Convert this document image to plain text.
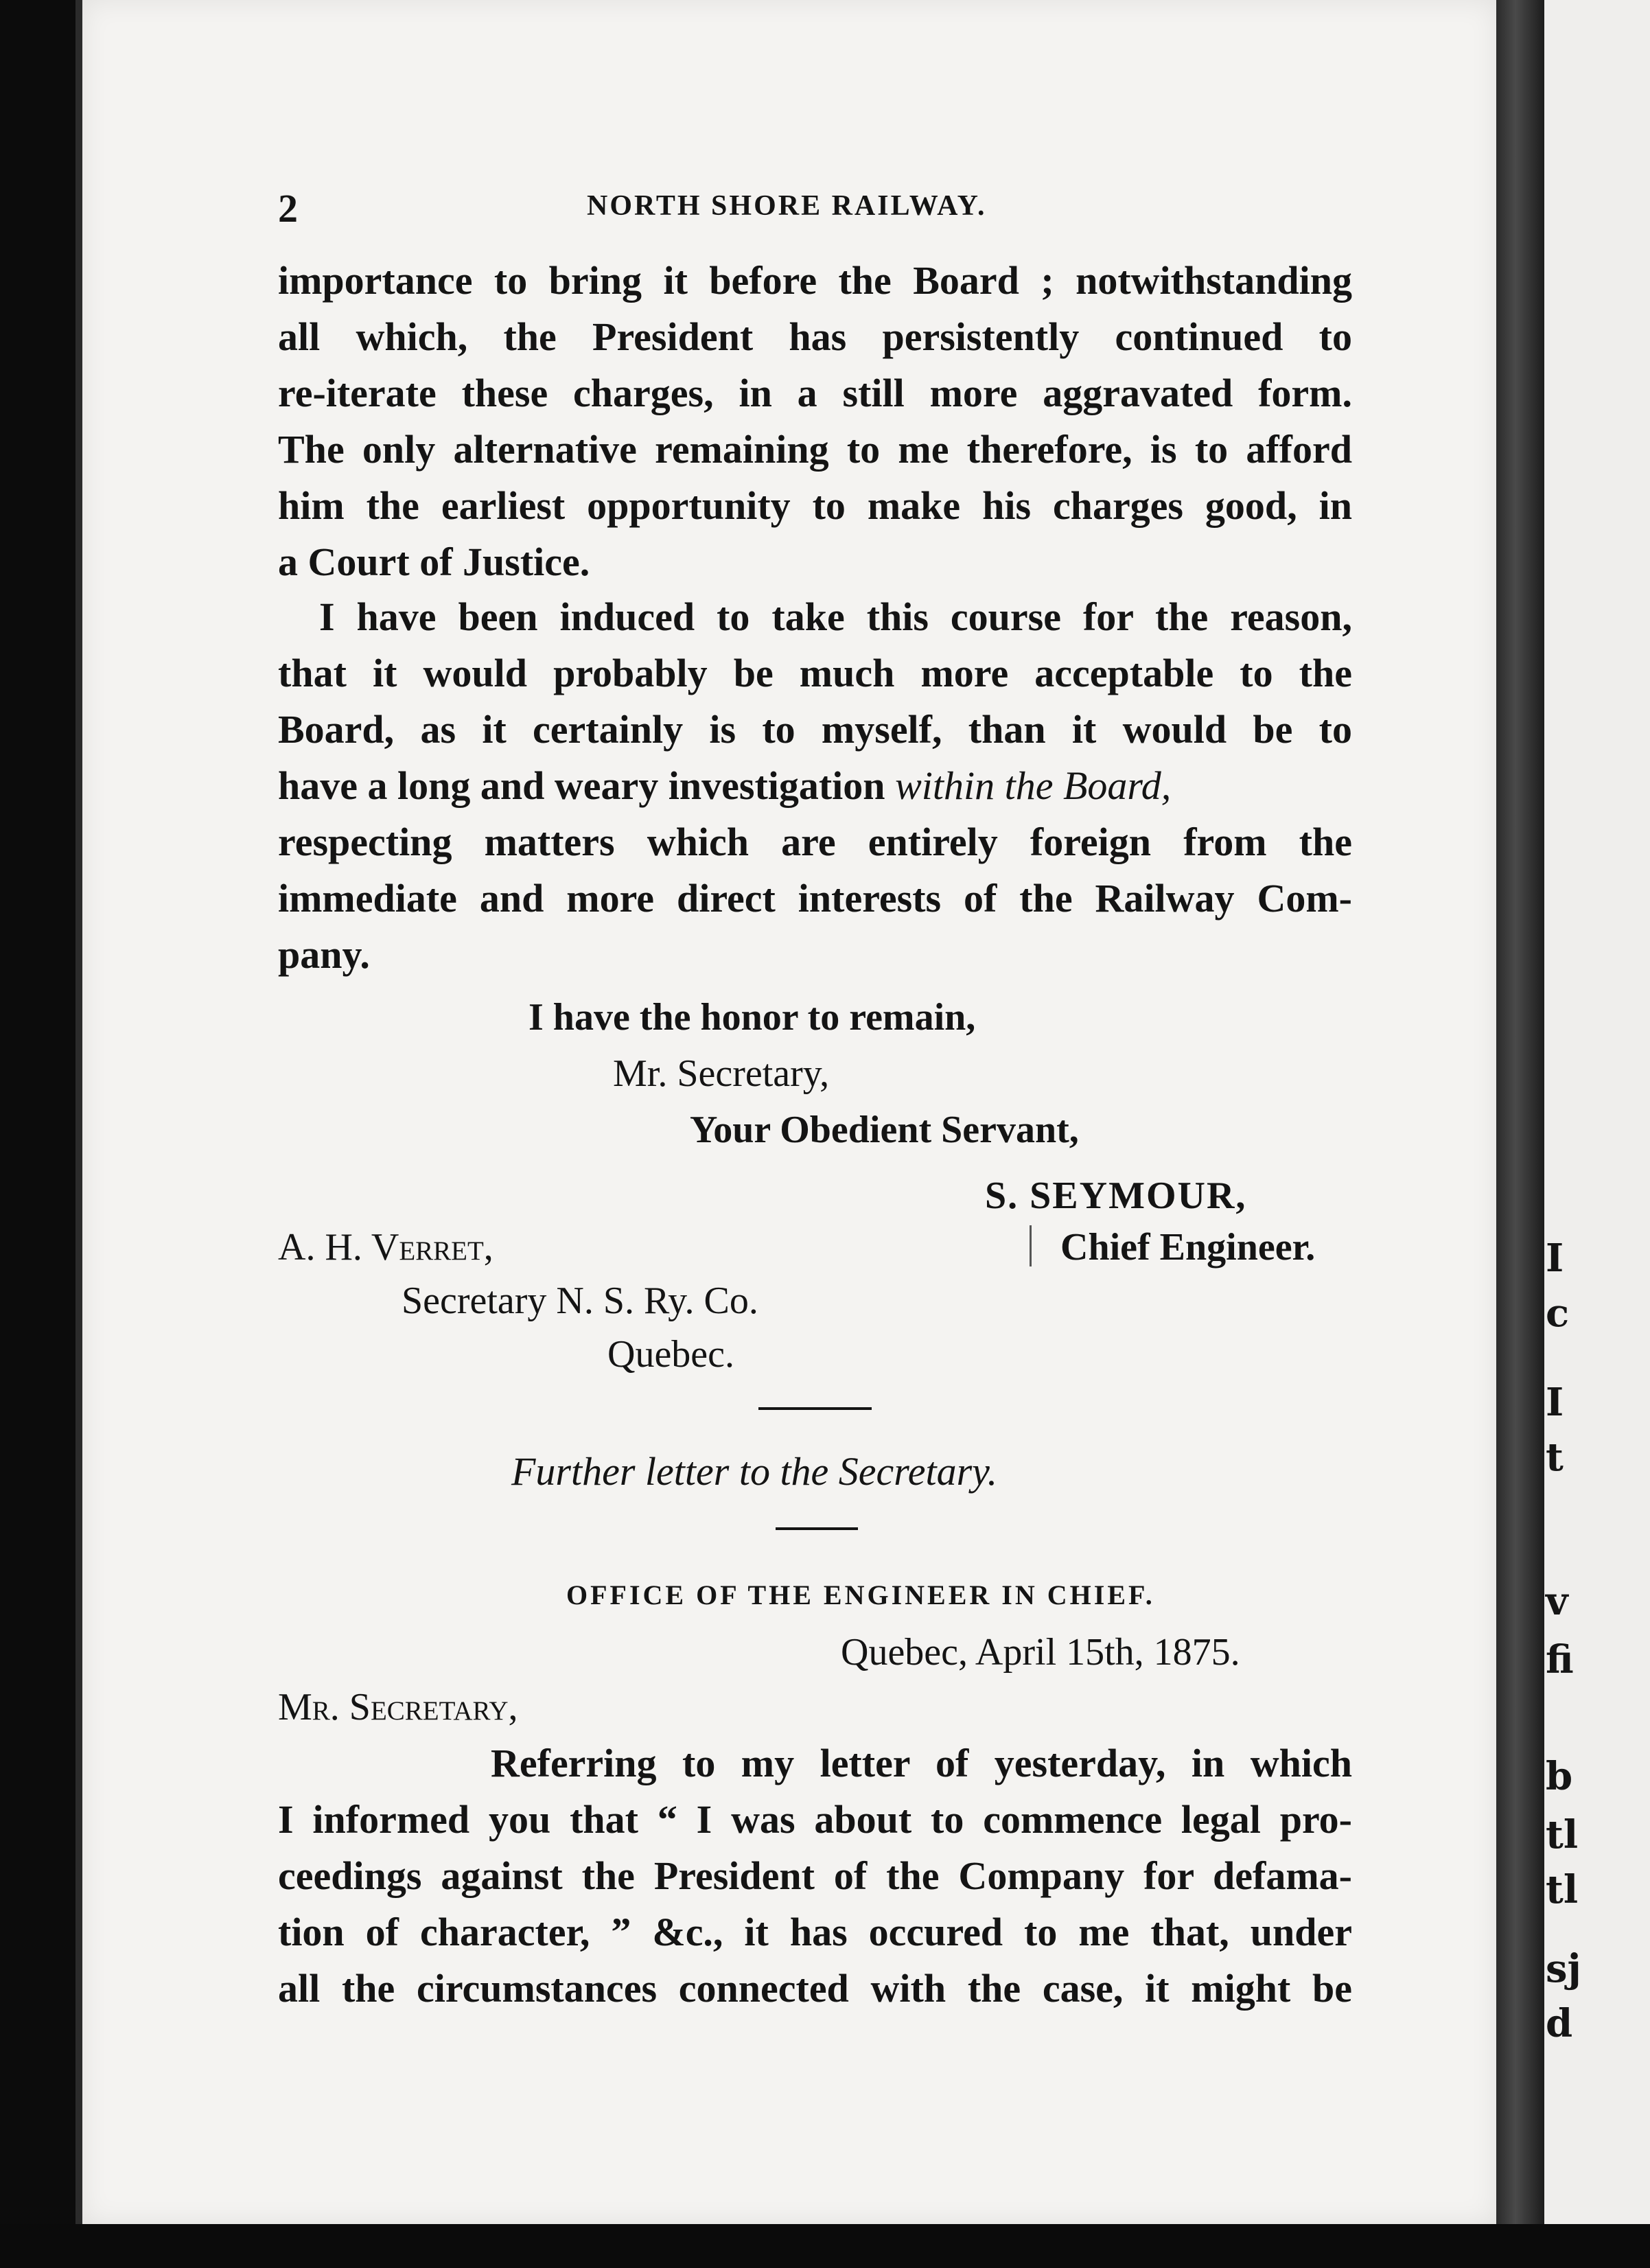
I
c
I
t
v
fi
b
tl
tl
sj
d
2	NORTH SHORE RAILWAY.
importance to bring it before the Board ; notwithstanding
all which, the President has persistently continued to
re-iterate these charges, in a still more aggravated form.
The only alternative remaining to me therefore, is to afford
him the earliest opportunity to make his charges good, in
a Court of Justice.
I have been induced to take this course for the reason,
that it would probably be much more acceptable to the
Board, as it certainly is to myself, than it would be to
have a long and weary investigation within the Board,
respecting matters which are entirely foreign from the
immediate and more direct interests of the Railway Com-
pany.
I have the honor to remain,
Mr. Secretary,
Your Obedient Servant,
S. SEYMOUR,
Chief Engineer.
A. H. Verret,
Secretary N. S. Ry. Co.
Quebec.
Further letter to the Secretary.
OFFICE OF THE ENGINEER IN CHIEF.
Quebec, April 15th, 1875.
Mr. Secretary,
Referring to my letter of yesterday, in which
I informed you that “ I was about to commence legal pro-
ceedings against the President of the Company for defama-
tion of character, ” &c., it has occured to me that, under
all the circumstances connected with the case, it might be
